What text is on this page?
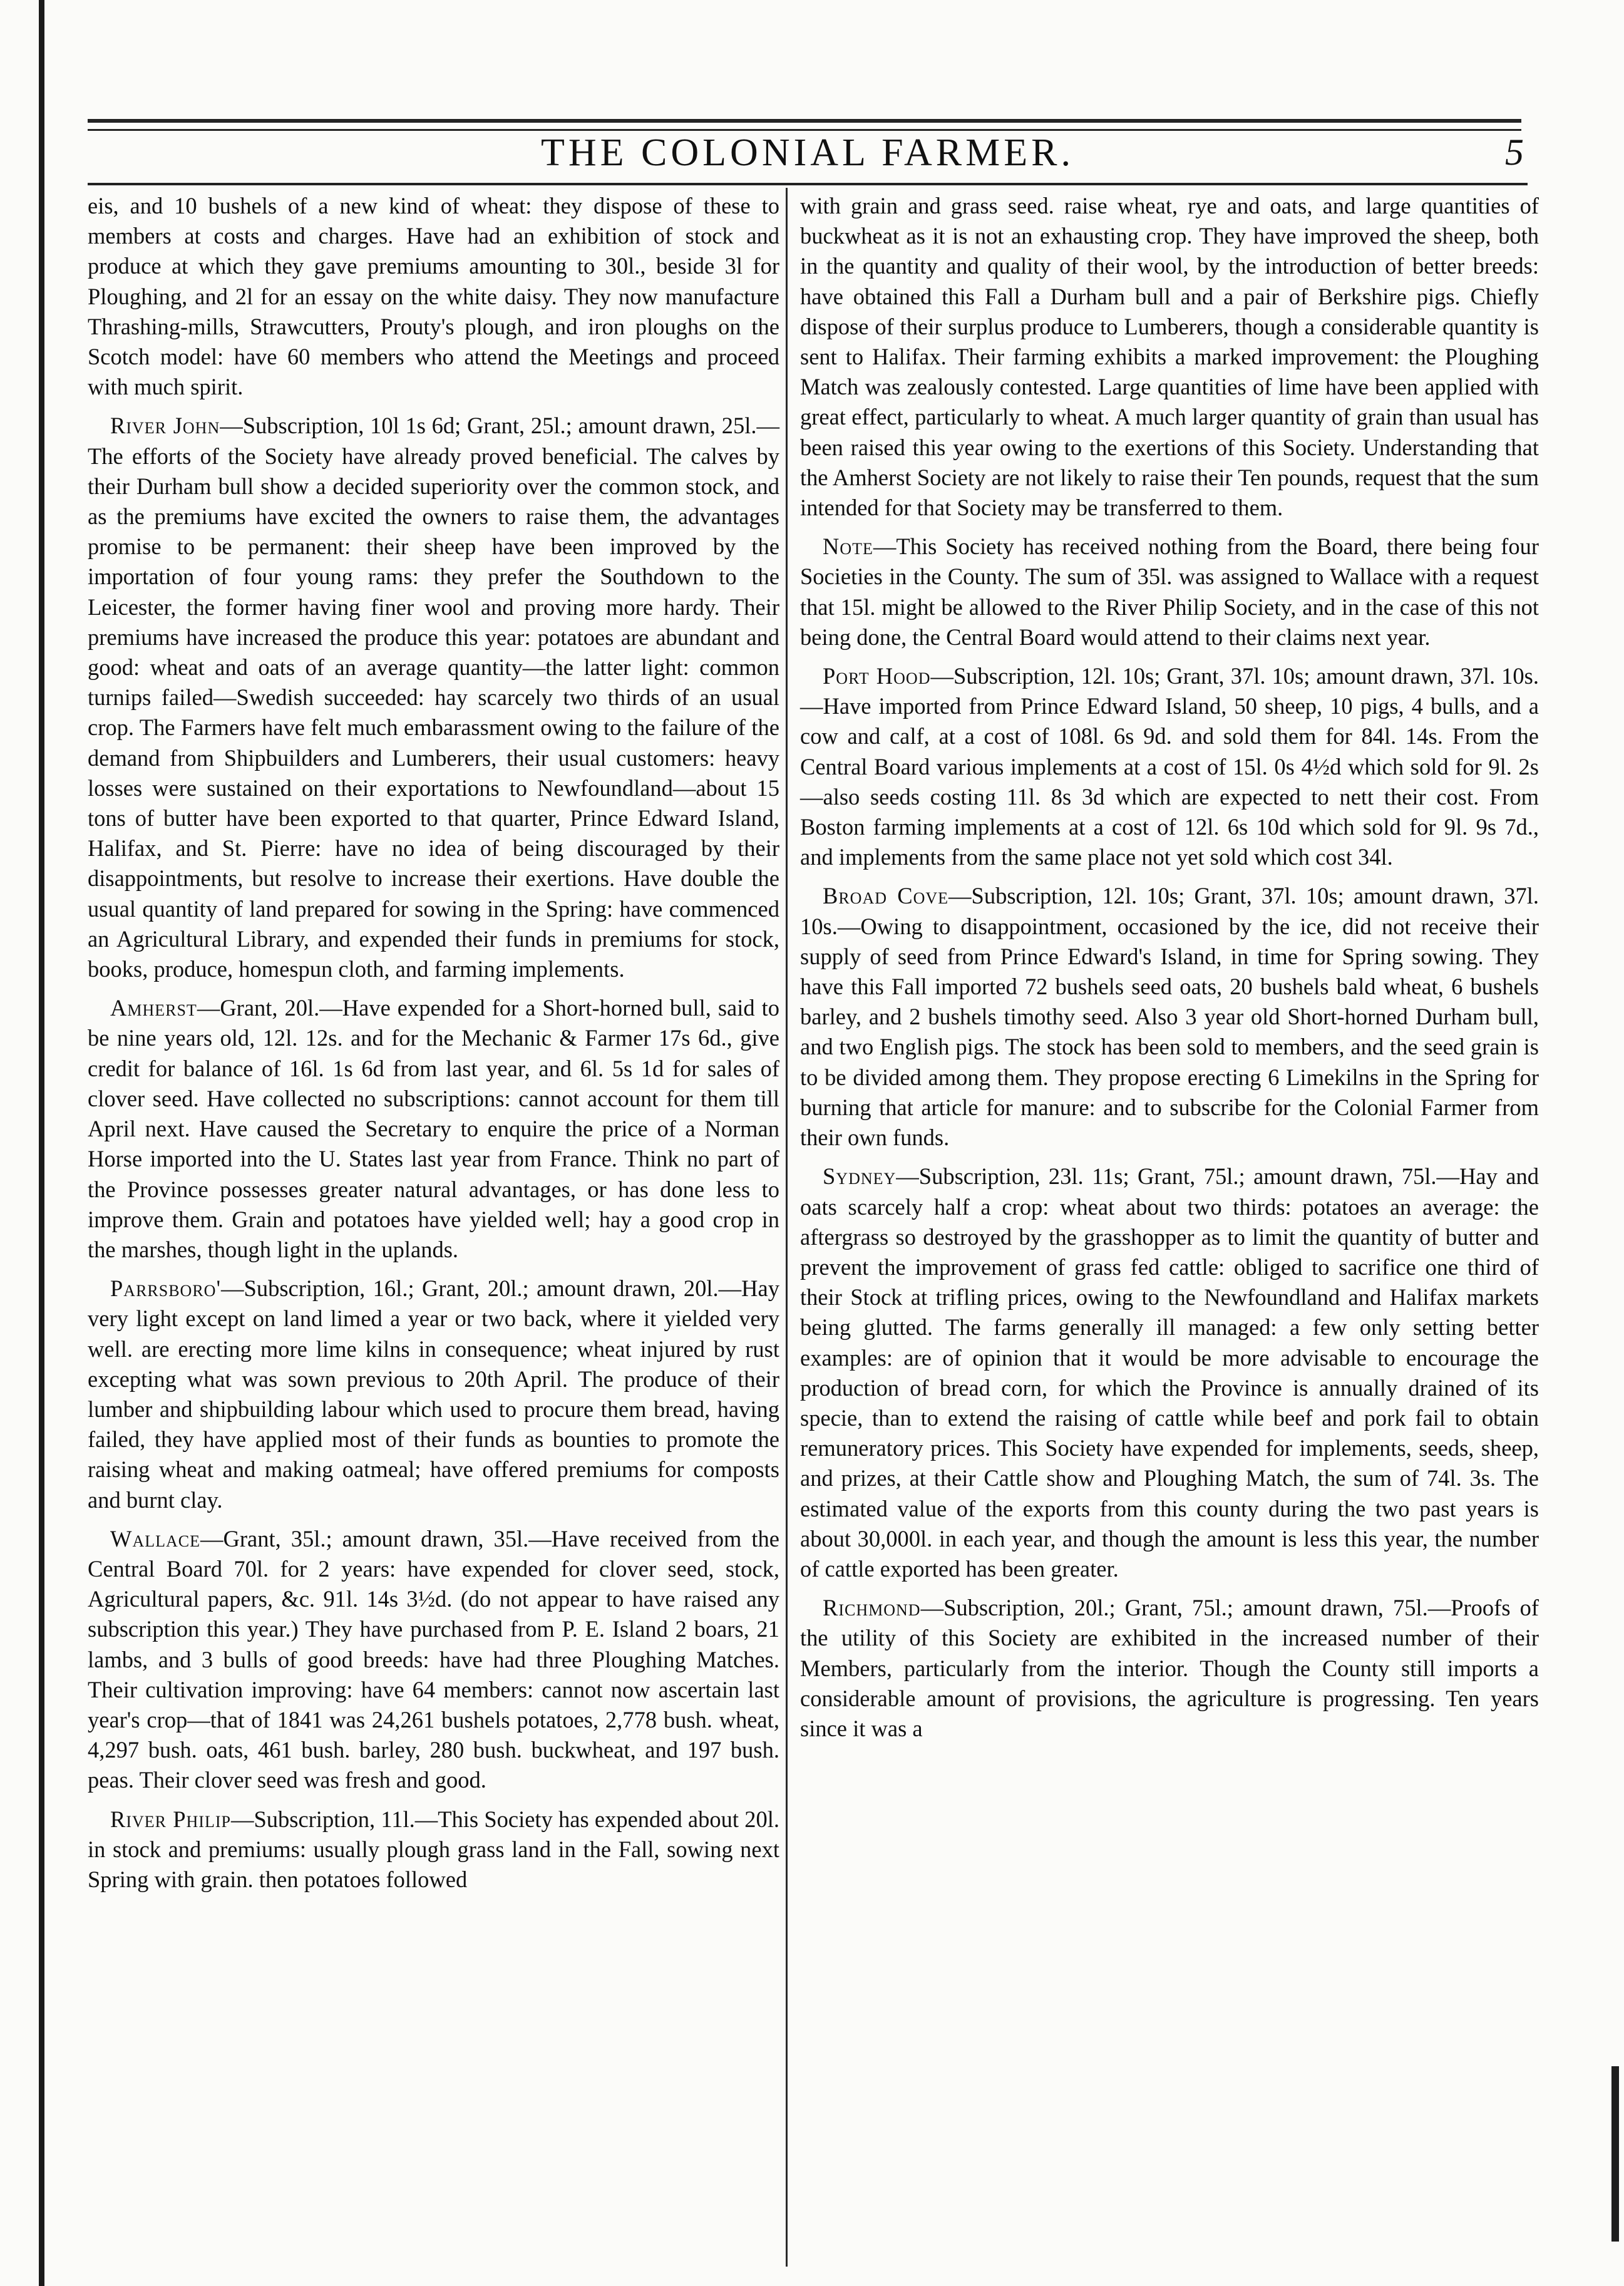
THE COLONIAL FARMER.	5

eis, and 10 bushels of a new kind of wheat: they dispose of these to members at costs and charges. Have had an exhibition of stock and produce at which they gave premiums amounting to 30l., beside 3l for Ploughing, and 2l for an essay on the white daisy. They now manufacture Thrashing-mills, Strawcutters, Prouty's plough, and iron ploughs on the Scotch model: have 60 members who attend the Meetings and proceed with much spirit.

River John—Subscription, 10l 1s 6d; Grant, 25l.; amount drawn, 25l.—The efforts of the Society have already proved beneficial. The calves by their Durham bull show a decided superiority over the common stock, and as the premiums have excited the owners to raise them, the advantages promise to be permanent: their sheep have been improved by the importation of four young rams: they prefer the Southdown to the Leicester, the former having finer wool and proving more hardy. Their premiums have increased the produce this year: potatoes are abundant and good: wheat and oats of an average quantity—the latter light: common turnips failed—Swedish succeeded: hay scarcely two thirds of an usual crop. The Farmers have felt much embarassment owing to the failure of the demand from Shipbuilders and Lumberers, their usual customers: heavy losses were sustained on their exportations to Newfoundland—about 15 tons of butter have been exported to that quarter, Prince Edward Island, Halifax, and St. Pierre: have no idea of being discouraged by their disappointments, but resolve to increase their exertions. Have double the usual quantity of land prepared for sowing in the Spring: have commenced an Agricultural Library, and expended their funds in premiums for stock, books, produce, homespun cloth, and farming implements.

Amherst—Grant, 20l.—Have expended for a Short-horned bull, said to be nine years old, 12l. 12s. and for the Mechanic & Farmer 17s 6d., give credit for balance of 16l. 1s 6d from last year, and 6l. 5s 1d for sales of clover seed. Have collected no subscriptions: cannot account for them till April next. Have caused the Secretary to enquire the price of a Norman Horse imported into the U. States last year from France. Think no part of the Province possesses greater natural advantages, or has done less to improve them. Grain and potatoes have yielded well; hay a good crop in the marshes, though light in the uplands.

Parrsboro'—Subscription, 16l.; Grant, 20l.; amount drawn, 20l.—Hay very light except on land limed a year or two back, where it yielded very well. are erecting more lime kilns in consequence; wheat injured by rust excepting what was sown previous to 20th April. The produce of their lumber and shipbuilding labour which used to procure them bread, having failed, they have applied most of their funds as bounties to promote the raising wheat and making oatmeal; have offered premiums for composts and burnt clay.

Wallace—Grant, 35l.; amount drawn, 35l.—Have received from the Central Board 70l. for 2 years: have expended for clover seed, stock, Agricultural papers, &c. 91l. 14s 3½d. (do not appear to have raised any subscription this year.) They have purchased from P. E. Island 2 boars, 21 lambs, and 3 bulls of good breeds: have had three Ploughing Matches. Their cultivation improving: have 64 members: cannot now ascertain last year's crop—that of 1841 was 24,261 bushels potatoes, 2,778 bush. wheat, 4,297 bush. oats, 461 bush. barley, 280 bush. buckwheat, and 197 bush. peas. Their clover seed was fresh and good.

River Philip—Subscription, 11l.—This Society has expended about 20l. in stock and premiums: usually plough grass land in the Fall, sowing next Spring with grain. then potatoes followed

with grain and grass seed. raise wheat, rye and oats, and large quantities of buckwheat as it is not an exhausting crop. They have improved the sheep, both in the quantity and quality of their wool, by the introduction of better breeds: have obtained this Fall a Durham bull and a pair of Berkshire pigs. Chiefly dispose of their surplus produce to Lumberers, though a considerable quantity is sent to Halifax. Their farming exhibits a marked improvement: the Ploughing Match was zealously contested. Large quantities of lime have been applied with great effect, particularly to wheat. A much larger quantity of grain than usual has been raised this year owing to the exertions of this Society. Understanding that the Amherst Society are not likely to raise their Ten pounds, request that the sum intended for that Society may be transferred to them.

Note—This Society has received nothing from the Board, there being four Societies in the County. The sum of 35l. was assigned to Wallace with a request that 15l. might be allowed to the River Philip Society, and in the case of this not being done, the Central Board would attend to their claims next year.

Port Hood—Subscription, 12l. 10s; Grant, 37l. 10s; amount drawn, 37l. 10s.—Have imported from Prince Edward Island, 50 sheep, 10 pigs, 4 bulls, and a cow and calf, at a cost of 108l. 6s 9d. and sold them for 84l. 14s. From the Central Board various implements at a cost of 15l. 0s 4½d which sold for 9l. 2s—also seeds costing 11l. 8s 3d which are expected to nett their cost. From Boston farming implements at a cost of 12l. 6s 10d which sold for 9l. 9s 7d., and implements from the same place not yet sold which cost 34l.

Broad Cove—Subscription, 12l. 10s; Grant, 37l. 10s; amount drawn, 37l. 10s.—Owing to disappointment, occasioned by the ice, did not receive their supply of seed from Prince Edward's Island, in time for Spring sowing. They have this Fall imported 72 bushels seed oats, 20 bushels bald wheat, 6 bushels barley, and 2 bushels timothy seed. Also 3 year old Short-horned Durham bull, and two English pigs. The stock has been sold to members, and the seed grain is to be divided among them. They propose erecting 6 Limekilns in the Spring for burning that article for manure: and to subscribe for the Colonial Farmer from their own funds.

Sydney—Subscription, 23l. 11s; Grant, 75l.; amount drawn, 75l.—Hay and oats scarcely half a crop: wheat about two thirds: potatoes an average: the aftergrass so destroyed by the grasshopper as to limit the quantity of butter and prevent the improvement of grass fed cattle: obliged to sacrifice one third of their Stock at trifling prices, owing to the Newfoundland and Halifax markets being glutted. The farms generally ill managed: a few only setting better examples: are of opinion that it would be more advisable to encourage the production of bread corn, for which the Province is annually drained of its specie, than to extend the raising of cattle while beef and pork fail to obtain remuneratory prices. This Society have expended for implements, seeds, sheep, and prizes, at their Cattle show and Ploughing Match, the sum of 74l. 3s. The estimated value of the exports from this county during the two past years is about 30,000l. in each year, and though the amount is less this year, the number of cattle exported has been greater.

Richmond—Subscription, 20l.; Grant, 75l.; amount drawn, 75l.—Proofs of the utility of this Society are exhibited in the increased number of their Members, particularly from the interior. Though the County still imports a considerable amount of provisions, the agriculture is progressing. Ten years since it was a
